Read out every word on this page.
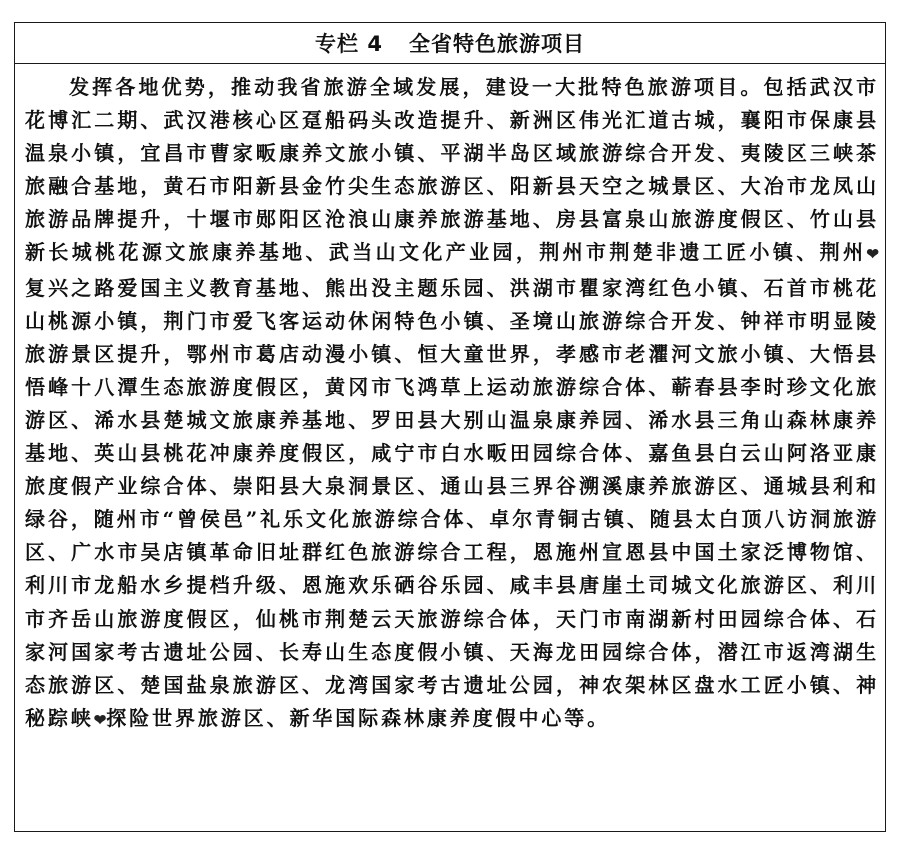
专栏 4 全省特色旅游项目
发挥各地优势，推动我省旅游全域发展，建设一大批特色旅游项目。包括武汉市花博汇二期、武汉港核心区趸船码头改造提升、新洲区伟光汇道古城，襄阳市保康县温泉小镇，宜昌市曹家畈康养文旅小镇、平湖半岛区域旅游综合开发、夷陵区三峡茶旅融合基地，黄石市阳新县金竹尖生态旅游区、阳新县天空之城景区、大冶市龙凤山旅游品牌提升，十堰市郧阳区沧浪山康养旅游基地、房县富泉山旅游度假区、竹山县新长城桃花源文旅康养基地、武当山文化产业园，荆州市荆楚非遗工匠小镇、荆州❤复兴之路爱国主义教育基地、熊出没主题乐园、洪湖市瞿家湾红色小镇、石首市桃花山桃源小镇，荆门市爱飞客运动休闲特色小镇、圣境山旅游综合开发、钟祥市明显陵旅游景区提升，鄂州市葛店动漫小镇、恒大童世界，孝感市老灈河文旅小镇、大悟县悟峰十八潭生态旅游度假区，黄冈市飞鸿草上运动旅游综合体、蕲春县李时珍文化旅游区、浠水县楚城文旅康养基地、罗田县大别山温泉康养园、浠水县三角山森林康养基地、英山县桃花冲康养度假区，咸宁市白水畈田园综合体、嘉鱼县白云山阿洛亚康旅度假产业综合体、崇阳县大泉洞景区、通山县三界谷溯溪康养旅游区、通城县利和绿谷，随州市“曾侯邑”礼乐文化旅游综合体、卓尔青铜古镇、随县太白顶八访洞旅游区、广水市吴店镇革命旧址群红色旅游综合工程，恩施州宣恩县中国土家泛博物馆、利川市龙船水乡提档升级、恩施欢乐硒谷乐园、咸丰县唐崖土司城文化旅游区、利川市齐岳山旅游度假区，仙桃市荆楚云天旅游综合体，天门市南湖新村田园综合体、石家河国家考古遗址公园、长寿山生态度假小镇、天海龙田园综合体，潜江市返湾湖生态旅游区、楚国盐泉旅游区、龙湾国家考古遗址公园，神农架林区盘水工匠小镇、神秘踪峡❤探险世界旅游区、新华国际森林康养度假中心等。
